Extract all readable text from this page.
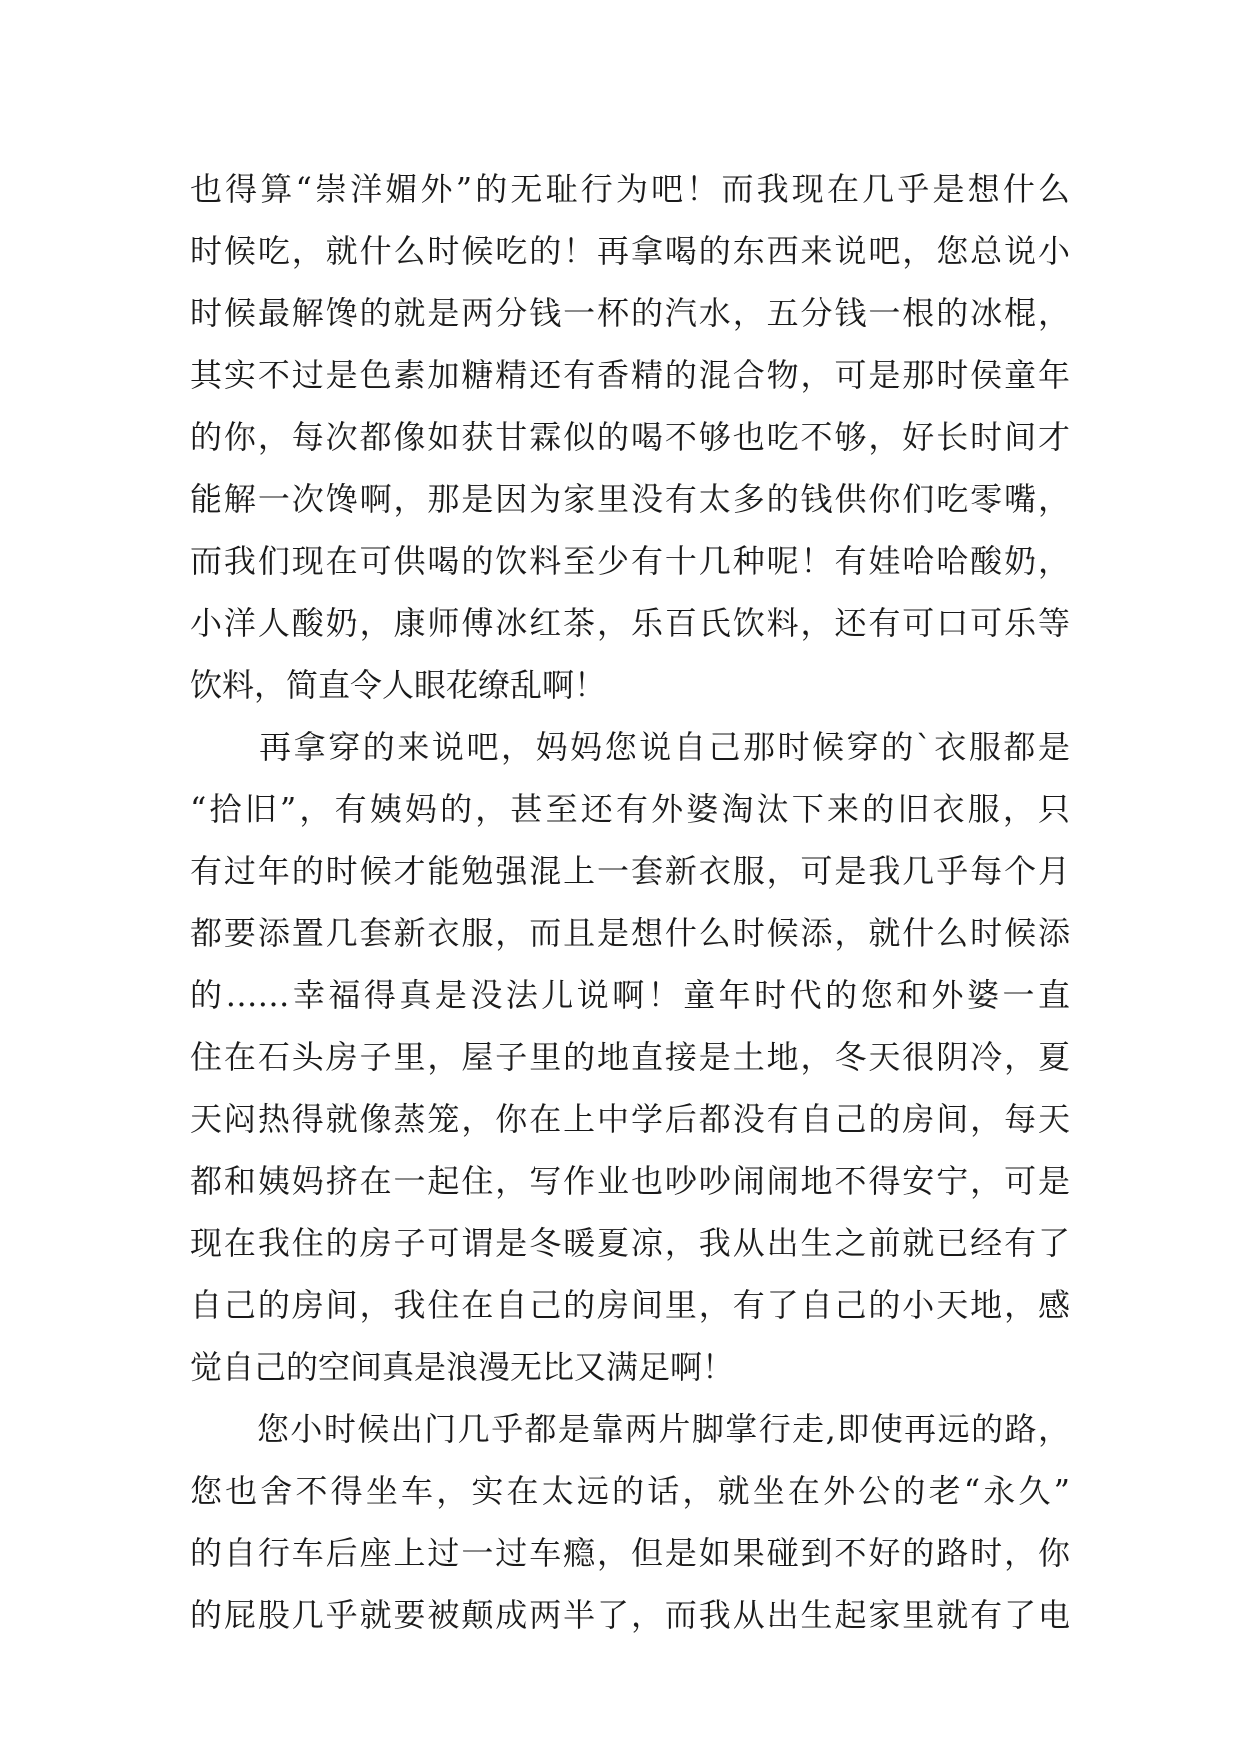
也得算“崇洋媚外”的无耻行为吧！而我现在几乎是想什么
时候吃，就什么时候吃的！再拿喝的东西来说吧，您总说小
时候最解馋的就是两分钱一杯的汽水，五分钱一根的冰棍，
其实不过是色素加糖精还有香精的混合物，可是那时侯童年
的你，每次都像如获甘霖似的喝不够也吃不够，好长时间才
能解一次馋啊，那是因为家里没有太多的钱供你们吃零嘴，
而我们现在可供喝的饮料至少有十几种呢！有娃哈哈酸奶，
小洋人酸奶，康师傅冰红茶，乐百氏饮料，还有可口可乐等
饮料，简直令人眼花缭乱啊！
　　再拿穿的来说吧，妈妈您说自己那时候穿的`衣服都是
“拾旧”，有姨妈的，甚至还有外婆淘汰下来的旧衣服，只
有过年的时候才能勉强混上一套新衣服，可是我几乎每个月
都要添置几套新衣服，而且是想什么时候添，就什么时候添
的……幸福得真是没法儿说啊！童年时代的您和外婆一直
住在石头房子里，屋子里的地直接是土地，冬天很阴冷，夏
天闷热得就像蒸笼，你在上中学后都没有自己的房间，每天
都和姨妈挤在一起住，写作业也吵吵闹闹地不得安宁，可是
现在我住的房子可谓是冬暖夏凉，我从出生之前就已经有了
自己的房间，我住在自己的房间里，有了自己的小天地，感
觉自己的空间真是浪漫无比又满足啊！
　　您小时候出门几乎都是靠两片脚掌行走,即使再远的路，
您也舍不得坐车，实在太远的话，就坐在外公的老“永久”
的自行车后座上过一过车瘾，但是如果碰到不好的路时，你
的屁股几乎就要被颠成两半了，而我从出生起家里就有了电
